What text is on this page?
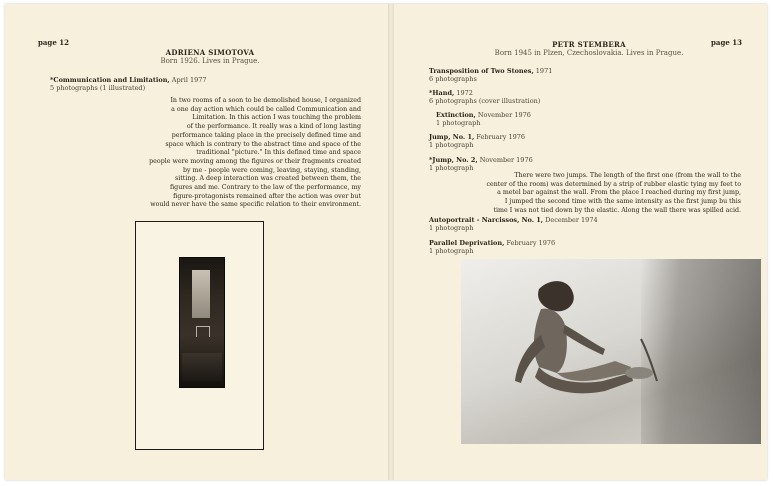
page 12
ADRIENA SIMOTOVA
Born 1926. Lives in Prague.
*Communication and Limitation, April 1977
5 photographs (1 illustrated)
In two rooms of a soon to be demolished house, I organized
a one day action which could be called Communication and
Limitation. In this action I was touching the problem
of the performance. It really was a kind of long lasting
performance taking place in the precisely defined time and
space which is contrary to the abstract time and space of the
traditional "picture." In this defined time and space
people were moving among the figures or their fragments created
by me - people were coming, leaving, staying, standing,
sitting. A deep interaction was created between them, the
figures and me. Contrary to the law of the performance, my
figure-protagonists remained after the action was over but
would never have the same specific relation to their environment.
page 13
PETR STEMBERA
Born 1945 in Plzen, Czechoslovakia. Lives in Prague.
Transposition of Two Stones, 1971
6 photographs
*Hand, 1972
6 photographs (cover illustration)
Extinction, November 1976
1 photograph
Jump, No. 1, February 1976
1 photograph
*Jump, No. 2, November 1976
1 photograph
There were two jumps. The length of the first one (from the wall to the
center of the room) was determined by a strip of rubber elastic tying my feet to
a metel bar against the wall. From the place I reached during my first jump,
I jumped the second time with the same intensity as the first jump bu this
time I was not tied down by the elastic. Along the wall there was spilled acid.
Autoportrait - Narcissos, No. 1, December 1974
1 photograph
Parallel Deprivation, February 1976
1 photograph
